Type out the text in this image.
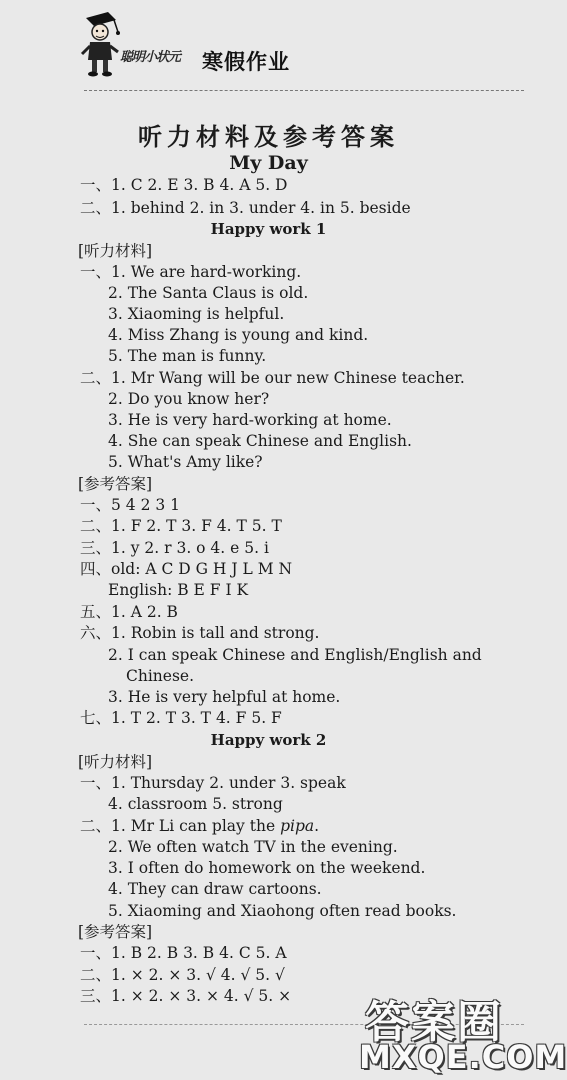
聪明小状元 寒假作业
听力材料及参考答案
My Day
一、1. C 2. E 3. B 4. A 5. D
二、1. behind 2. in 3. under 4. in 5. beside
Happy work 1
[听力材料]
一、1. We are hard-working.
2. The Santa Claus is old.
3. Xiaoming is helpful.
4. Miss Zhang is young and kind.
5. The man is funny.
二、1. Mr Wang will be our new Chinese teacher.
2. Do you know her?
3. He is very hard-working at home.
4. She can speak Chinese and English.
5. What's Amy like?
[参考答案]
一、5 4 2 3 1
二、1. F 2. T 3. F 4. T 5. T
三、1. y 2. r 3. o 4. e 5. i
四、old: A C D G H J L M N
English: B E F I K
五、1. A 2. B
六、1. Robin is tall and strong.
2. I can speak Chinese and English/English and
Chinese.
3. He is very helpful at home.
七、1. T 2. T 3. T 4. F 5. F
Happy work 2
[听力材料]
一、1. Thursday 2. under 3. speak
4. classroom 5. strong
二、1. Mr Li can play the pipa.
2. We often watch TV in the evening.
3. I often do homework on the weekend.
4. They can draw cartoons.
5. Xiaoming and Xiaohong often read books.
[参考答案]
一、1. B 2. B 3. B 4. C 5. A
二、1. × 2. × 3. √ 4. √ 5. √
三、1. × 2. × 3. × 4. √ 5. ×
答案圈
MXQE.COM
